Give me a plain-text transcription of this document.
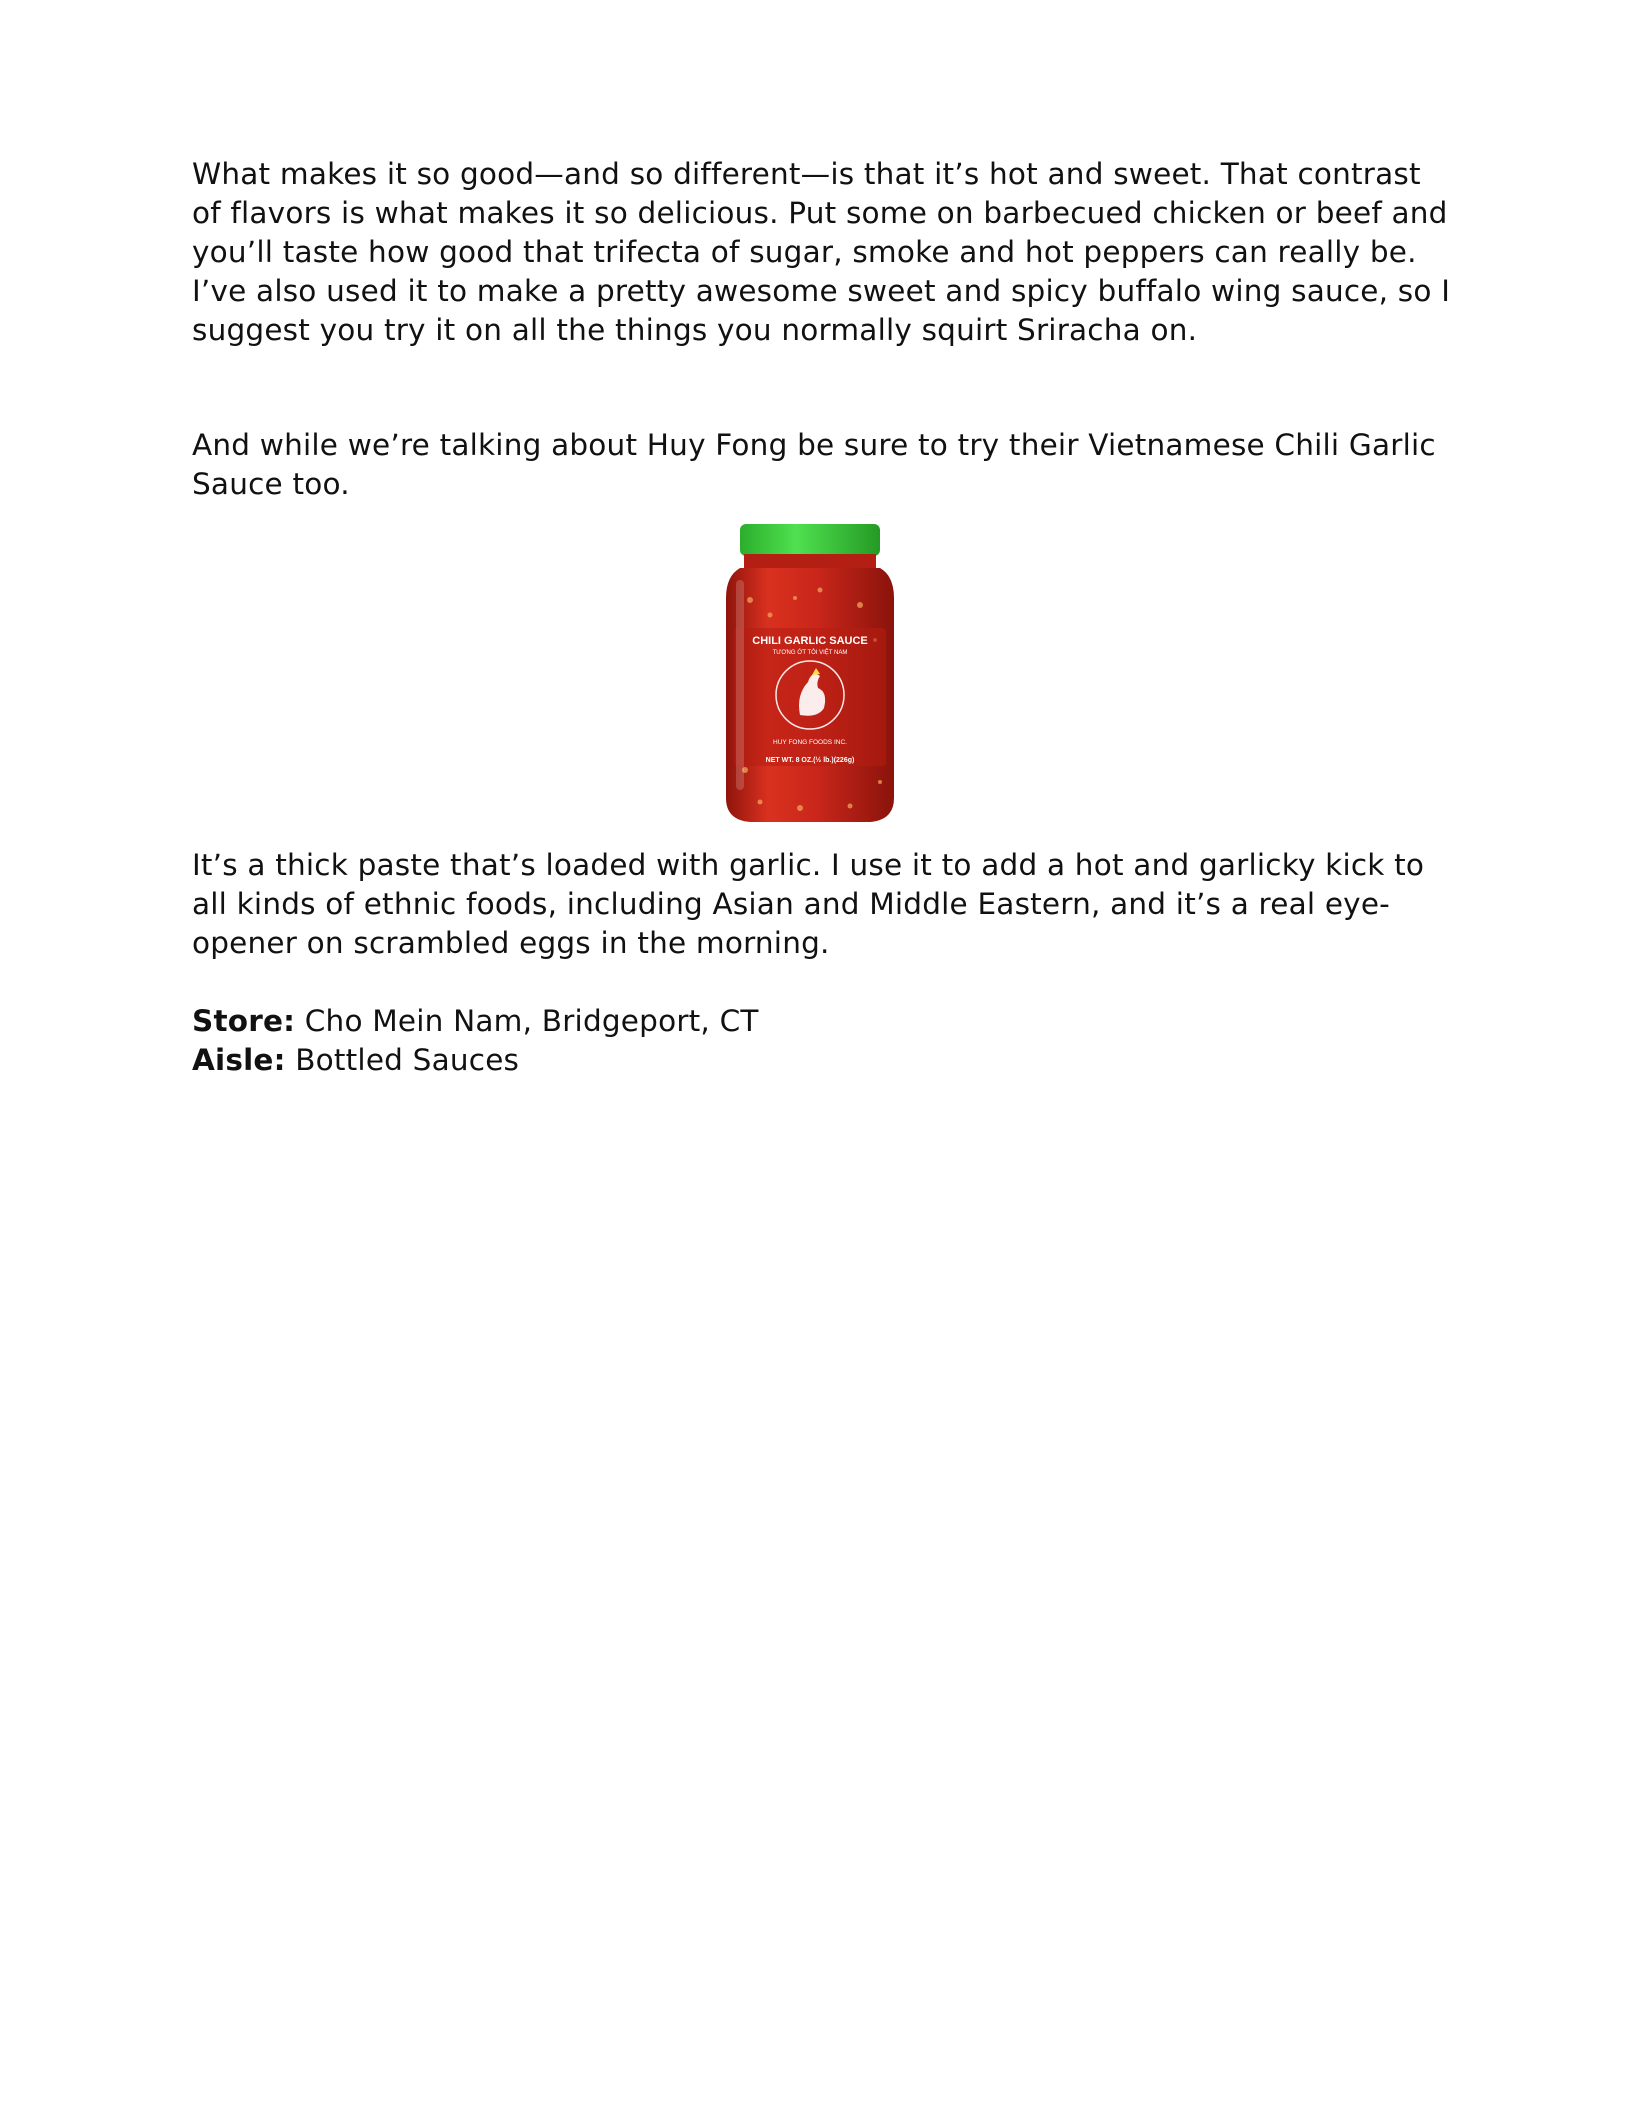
What makes it so good—and so different—is that it’s hot and sweet. That contrast of flavors is what makes it so delicious. Put some on barbecued chicken or beef and you’ll taste how good that trifecta of sugar, smoke and hot peppers can really be. I’ve also used it to make a pretty awesome sweet and spicy buffalo wing sauce, so I suggest you try it on all the things you normally squirt Sriracha on.

And while we’re talking about Huy Fong be sure to try their Vietnamese Chili Garlic Sauce too.

CHILI GARLIC SAUCE
TƯƠNG ỚT TỎI VIỆT NAM
HUY FONG FOODS INC.
NET WT. 8 OZ.(½ lb.)(226g)

It’s a thick paste that’s loaded with garlic. I use it to add a hot and garlicky kick to all kinds of ethnic foods, including Asian and Middle Eastern, and it’s a real eye-opener on scrambled eggs in the morning.

Store: Cho Mein Nam, Bridgeport, CT
Aisle: Bottled Sauces
